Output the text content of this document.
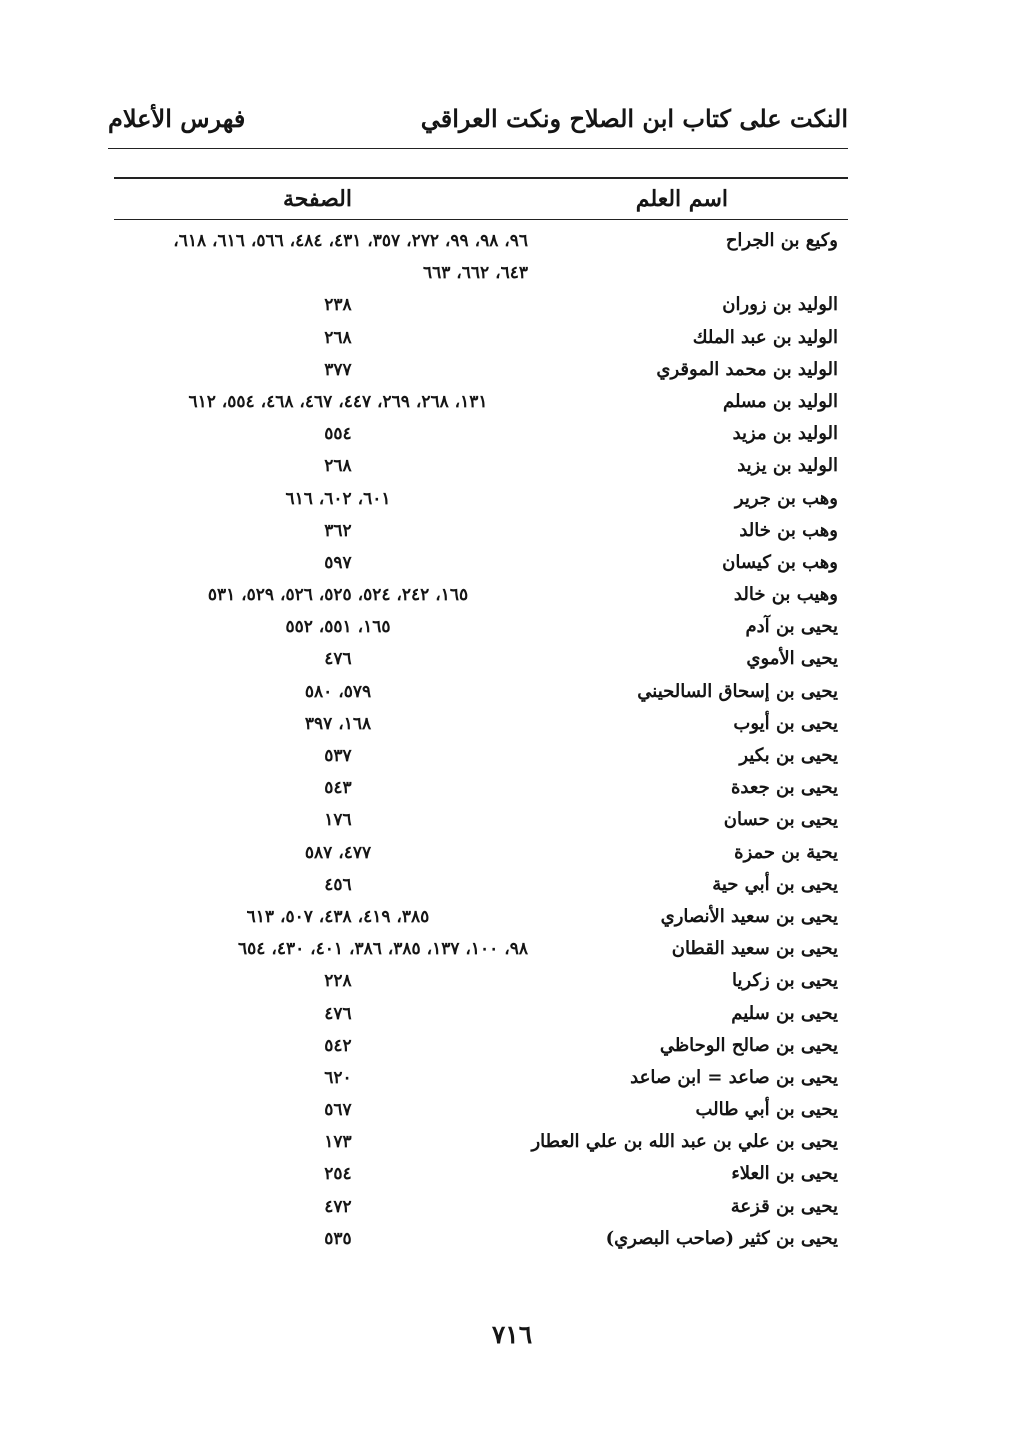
النكت على كتاب ابن الصلاح ونكت العراقي
فهرس الأعلام
اسم العلم
الصفحة
وكيع بن الجراح
٩٦، ٩٨، ٩٩، ٢٧٢، ٣٥٧، ٤٣١، ٤٨٤، ٥٦٦، ٦١٦، ٦١٨،
٦٤٣، ٦٦٢، ٦٦٣
الوليد بن زوران
٢٣٨
الوليد بن عبد الملك
٢٦٨
الوليد بن محمد الموقري
٣٧٧
الوليد بن مسلم
١٣١، ٢٦٨، ٢٦٩، ٤٤٧، ٤٦٧، ٤٦٨، ٥٥٤، ٦١٢
الوليد بن مزيد
٥٥٤
الوليد بن يزيد
٢٦٨
وهب بن جرير
٦٠١، ٦٠٢، ٦١٦
وهب بن خالد
٣٦٢
وهب بن كيسان
٥٩٧
وهيب بن خالد
١٦٥، ٢٤٢، ٥٢٤، ٥٢٥، ٥٢٦، ٥٢٩، ٥٣١
يحيى بن آدم
١٦٥، ٥٥١، ٥٥٢
يحيى الأموي
٤٧٦
يحيى بن إسحاق السالحيني
٥٧٩، ٥٨٠
يحيى بن أيوب
١٦٨، ٣٩٧
يحيى بن بكير
٥٣٧
يحيى بن جعدة
٥٤٣
يحيى بن حسان
١٧٦
يحية بن حمزة
٤٧٧، ٥٨٧
يحيى بن أبي حية
٤٥٦
يحيى بن سعيد الأنصاري
٣٨٥، ٤١٩، ٤٣٨، ٥٠٧، ٦١٣
يحيى بن سعيد القطان
٩٨، ١٠٠، ١٣٧، ٣٨٥، ٣٨٦، ٤٠١، ٤٣٠، ٦٥٤
يحيى بن زكريا
٢٢٨
يحيى بن سليم
٤٧٦
يحيى بن صالح الوحاظي
٥٤٢
يحيى بن صاعد = ابن صاعد
٦٢٠
يحيى بن أبي طالب
٥٦٧
يحيى بن علي بن عبد الله بن علي العطار
١٧٣
يحيى بن العلاء
٢٥٤
يحيى بن قزعة
٤٧٢
يحيى بن كثير (صاحب البصري)
٥٣٥
٧١٦
